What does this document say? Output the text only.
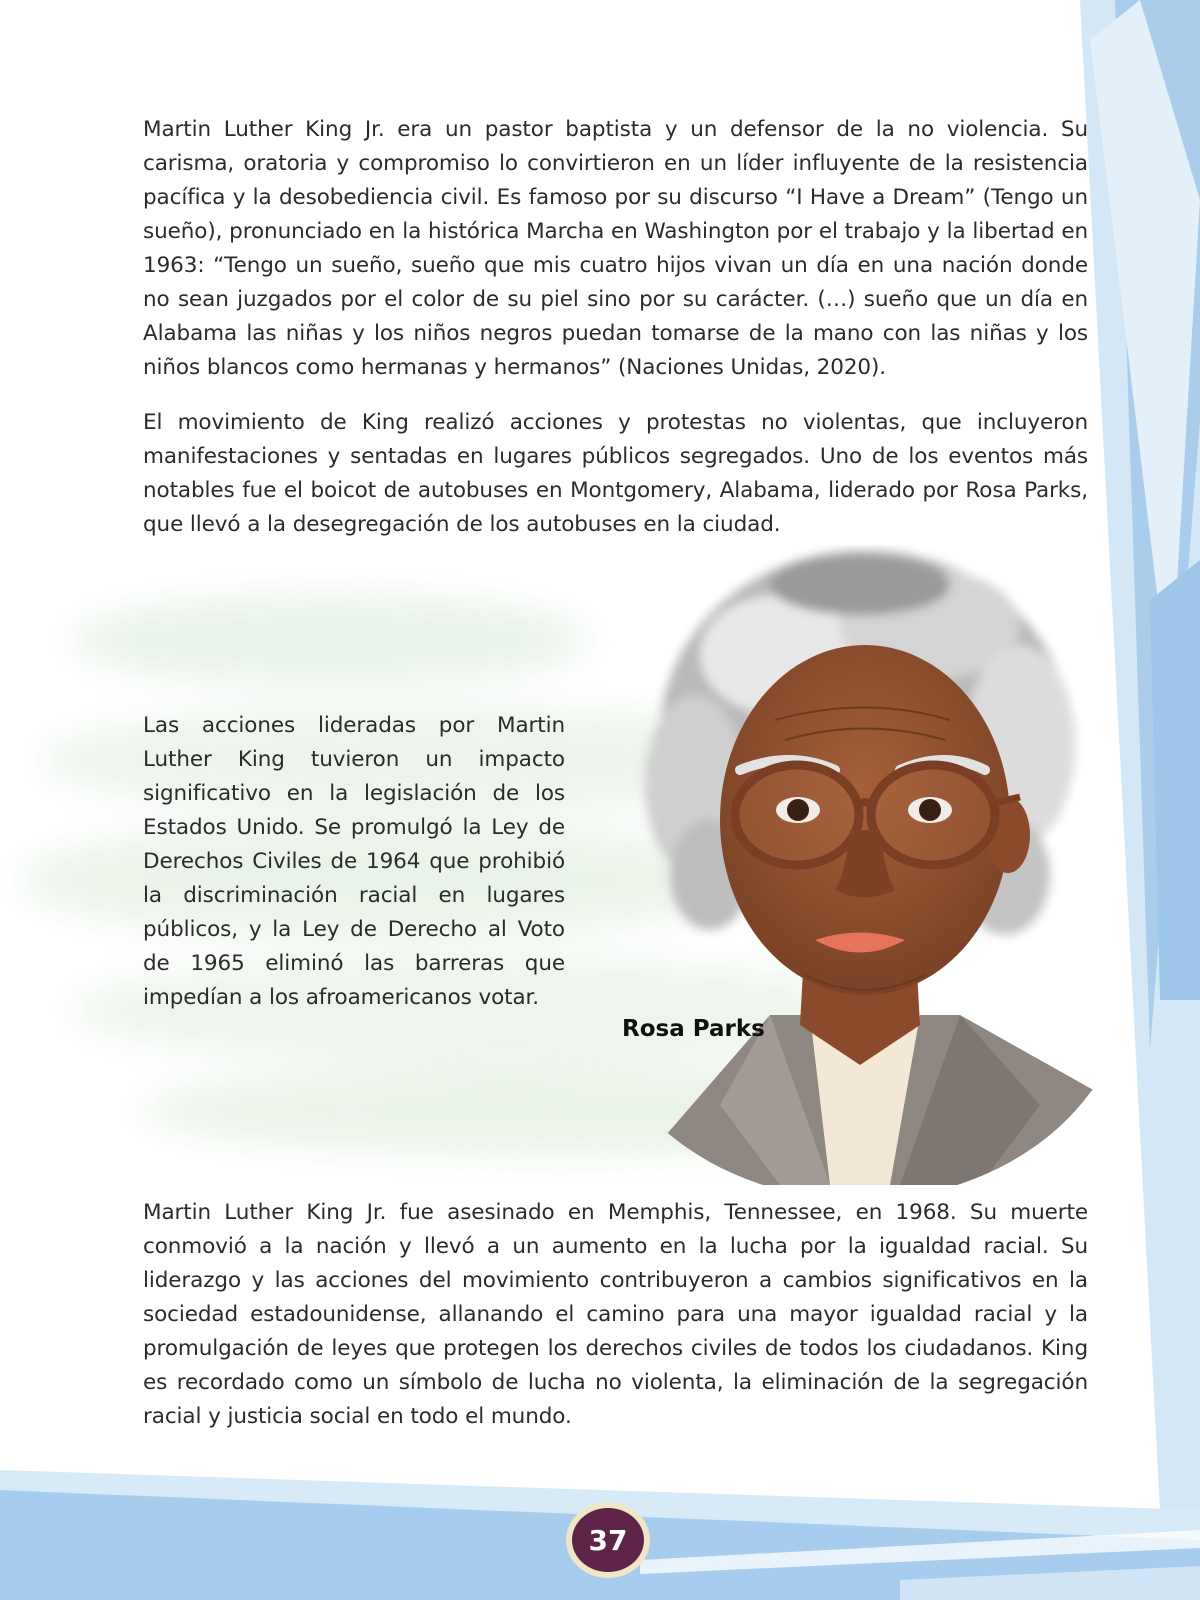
Martin Luther King Jr. era un pastor baptista y un defensor de la no violencia. Su carisma, oratoria y compromiso lo convirtieron en un líder influyente de la resistencia pacífica y la desobediencia civil. Es famoso por su discurso “I Have a Dream” (Tengo un sueño), pronunciado en la histórica Marcha en Washington por el trabajo y la libertad en 1963: “Tengo un sueño, sueño que mis cuatro hijos vivan un día en una nación donde no sean juzgados por el color de su piel sino por su carácter. (…) sueño que un día en Alabama las niñas y los niños negros puedan tomarse de la mano con las niñas y los niños blancos como hermanas y hermanos” (Naciones Unidas, 2020).

El movimiento de King realizó acciones y protestas no violentas, que incluyeron manifestaciones y sentadas en lugares públicos segregados. Uno de los eventos más notables fue el boicot de autobuses en Montgomery, Alabama, liderado por Rosa Parks, que llevó a la desegregación de los autobuses en la ciudad.

Las acciones lideradas por Martin Luther King tuvieron un impacto significativo en la legislación de los Estados Unido. Se promulgó la Ley de Derechos Civiles de 1964 que prohibió la discriminación racial en lugares públicos, y la Ley de Derecho al Voto de 1965 eliminó las barreras que impedían a los afroamericanos votar.

Rosa Parks

Martin Luther King Jr. fue asesinado en Memphis, Tennessee, en 1968. Su muerte conmovió a la nación y llevó a un aumento en la lucha por la igualdad racial. Su liderazgo y las acciones del movimiento contribuyeron a cambios significativos en la sociedad estadounidense, allanando el camino para una mayor igualdad racial y la promulgación de leyes que protegen los derechos civiles de todos los ciudadanos. King es recordado como un símbolo de lucha no violenta, la eliminación de la segregación racial y justicia social en todo el mundo.

37
